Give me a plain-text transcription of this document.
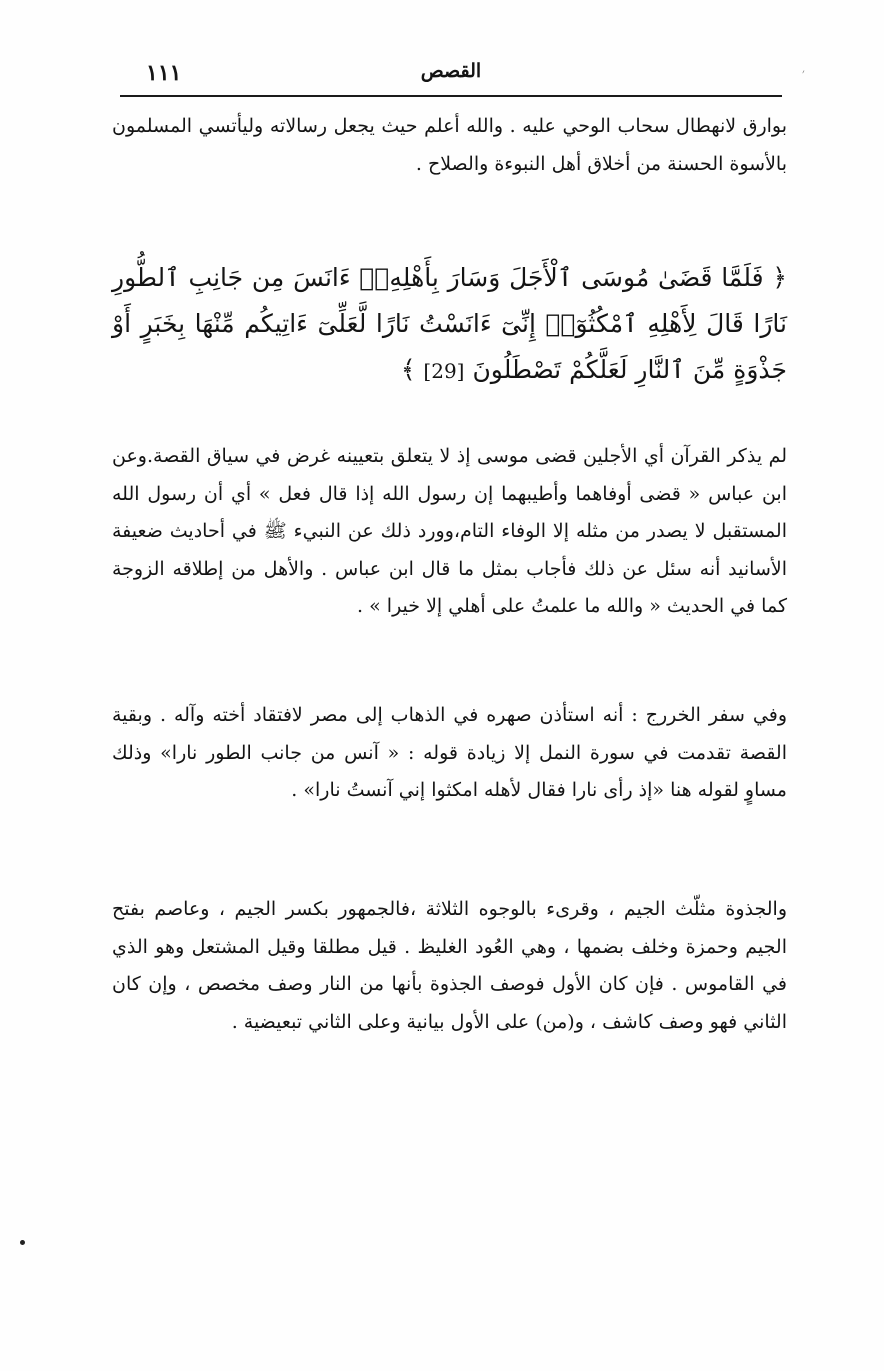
١١١	القصص	׳

بوارق لانهطال سحاب الوحي عليه . والله أعلم حيث يجعل رسالاته وليأتسي المسلمون بالأسوة الحسنة من أخلاق أهل النبوءة والصلاح .

﴿ فَلَمَّا قَضَىٰ مُوسَى ٱلْأَجَلَ وَسَارَ بِأَهْلِهِۦٓ ءَانَسَ مِن جَانِبِ ٱلطُّورِ نَارًا قَالَ لِأَهْلِهِ ٱمْكُثُوٓا۟ إِنِّىٓ ءَانَسْتُ نَارًا لَّعَلِّىٓ ءَاتِيكُم مِّنْهَا بِخَبَرٍ أَوْ جَذْوَةٍ مِّنَ ٱلنَّارِ لَعَلَّكُمْ تَصْطَلُونَ [29] ﴾

لم يذكر القرآن أي الأجلين قضى موسى إذ لا يتعلق بتعيينه غرض في سياق القصة.وعن ابن عباس « قضى أوفاهما وأطيبهما إن رسول الله إذا قال فعل » أي أن رسول الله المستقبل لا يصدر من مثله إلا الوفاء التام،وورد ذلك عن النبيء ﷺ في أحاديث ضعيفة الأسانيد أنه سئل عن ذلك فأجاب بمثل ما قال ابن عباس . والأهل من إطلاقه الزوجة كما في الحديث « والله ما علمتُ على أهلي إلا خيرا » .

وفي سفر الخررج : أنه استأذن صهره في الذهاب إلى مصر لافتقاد أخته وآله . وبقية القصة تقدمت في سورة النمل إلا زيادة قوله : « آنس من جانب الطور نارا» وذلك مساوٍ لقوله هنا «إذ رأى نارا فقال لأهله امكثوا إني آنستُ نارا» .

والجذوة مثلّث الجيم ، وقرىء بالوجوه الثلاثة ،فالجمهور بكسر الجيم ، وعاصم بفتح الجيم وحمزة وخلف بضمها ، وهي العُود الغليظ . قيل مطلقا وقيل المشتعل وهو الذي في القاموس . فإن كان الأول فوصف الجذوة بأنها من النار وصف مخصص ، وإن كان الثاني فهو وصف كاشف ، و(من) على الأول بيانية وعلى الثاني تبعيضية .
